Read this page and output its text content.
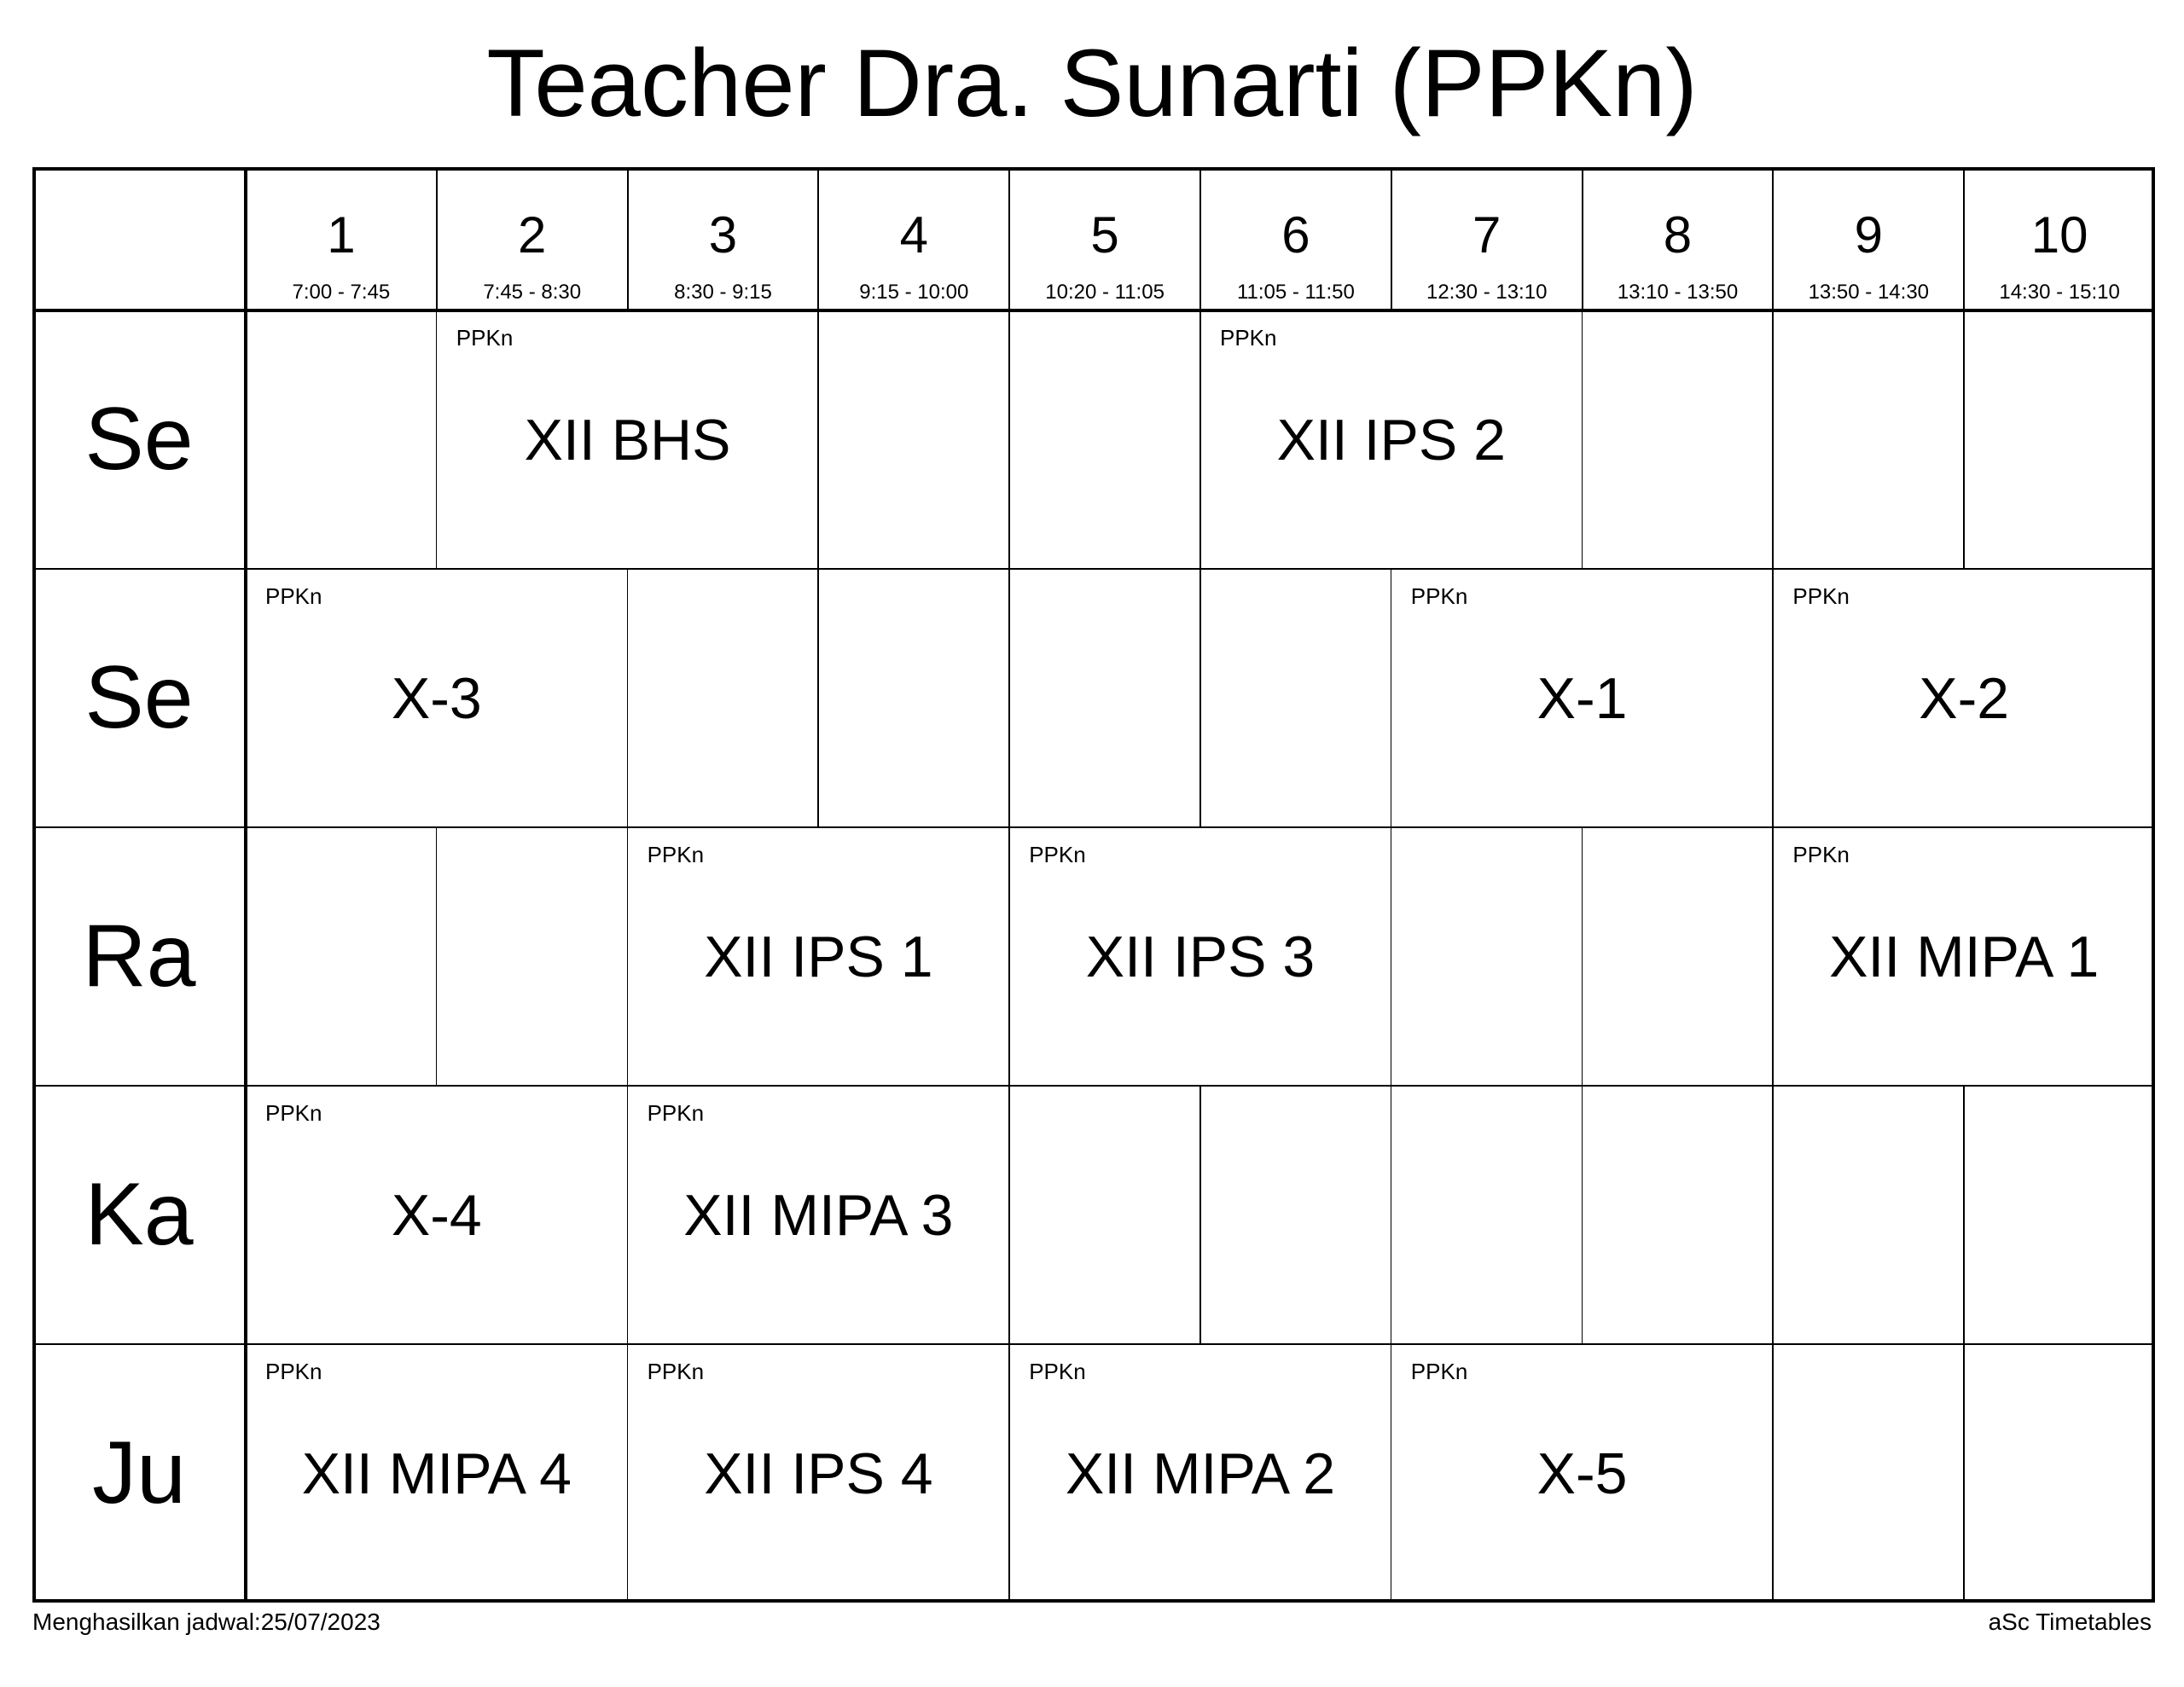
Teacher Dra. Sunarti (PPKn)
1
7:00 - 7:45
2
7:45 - 8:30
3
8:30 - 9:15
4
9:15 - 10:00
5
10:20 - 11:05
6
11:05 - 11:50
7
12:30 - 13:10
8
13:10 - 13:50
9
13:50 - 14:30
10
14:30 - 15:10
Se
PPKn
XII BHS
PPKn
XII IPS 2
Se
PPKn
X-3
PPKn
X-1
PPKn
X-2
Ra
PPKn
XII IPS 1
PPKn
XII IPS 3
PPKn
XII MIPA 1
Ka
PPKn
X-4
PPKn
XII MIPA 3
Ju
PPKn
XII MIPA 4
PPKn
XII IPS 4
PPKn
XII MIPA 2
PPKn
X-5
Menghasilkan jadwal:25/07/2023	aSc Timetables
